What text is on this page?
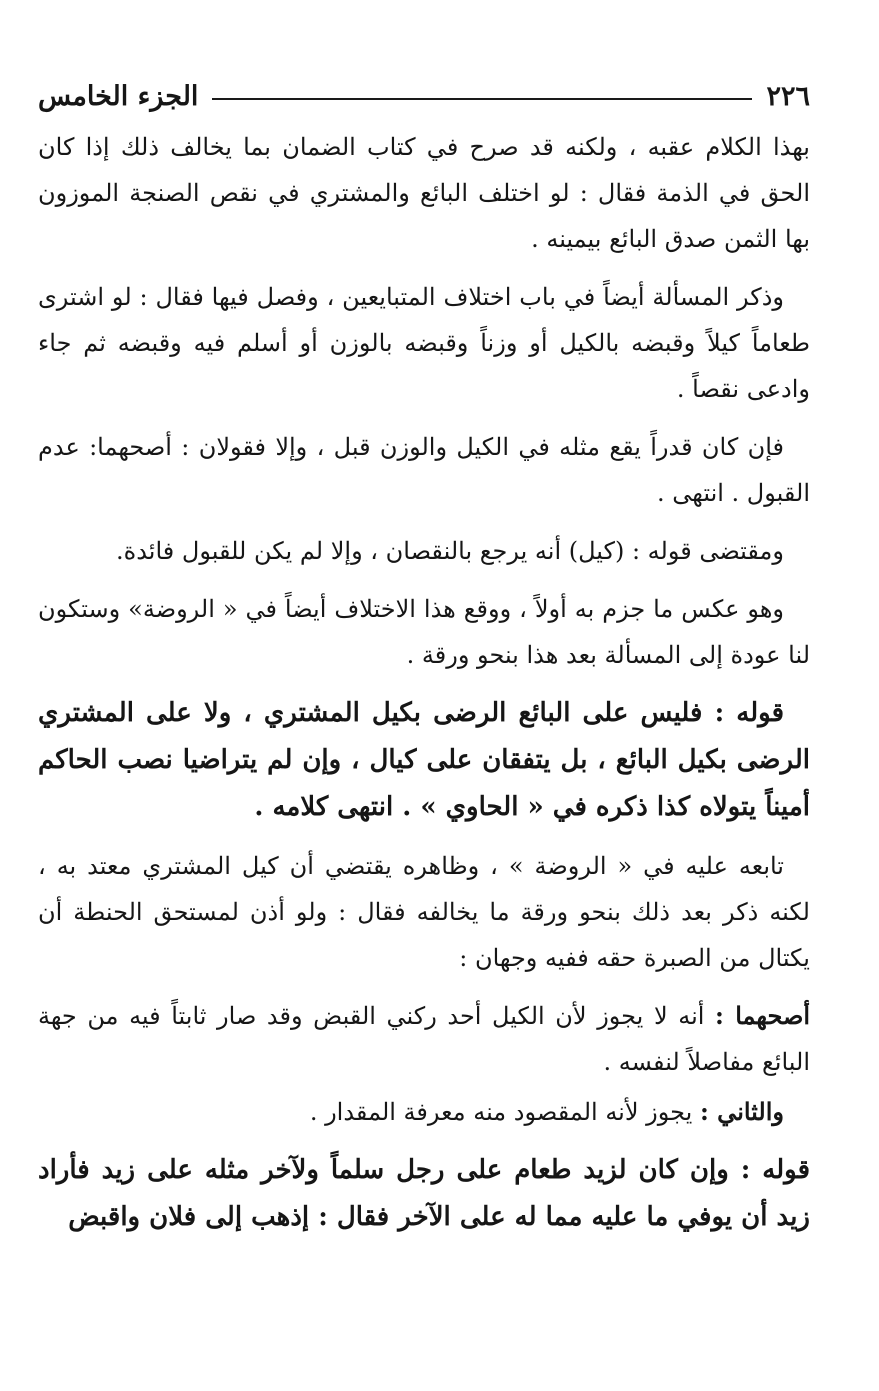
٢٢٦
الجزء الخامس

بهذا الكلام عقبه ، ولكنه قد صرح في كتاب الضمان بما يخالف ذلك إذا كان الحق في الذمة فقال : لو اختلف البائع والمشتري في نقص الصنجة الموزون بها الثمن صدق البائع بيمينه .

وذكر المسألة أيضاً في باب اختلاف المتبايعين ، وفصل فيها فقال : لو اشترى طعاماً كيلاً وقبضه بالكيل أو وزناً وقبضه بالوزن أو أسلم فيه وقبضه ثم جاء وادعى نقصاً .

فإن كان قدراً يقع مثله في الكيل والوزن قبل ، وإلا فقولان : أصحهما: عدم القبول . انتهى .

ومقتضى قوله : (كيل) أنه يرجع بالنقصان ، وإلا لم يكن للقبول فائدة.

وهو عكس ما جزم به أولاً ، ووقع هذا الاختلاف أيضاً في « الروضة» وستكون لنا عودة إلى المسألة بعد هذا بنحو ورقة .

قوله : فليس على البائع الرضى بكيل المشتري ، ولا على المشتري الرضى بكيل البائع ، بل يتفقان على كيال ، وإن لم يتراضيا نصب الحاكم أميناً يتولاه كذا ذكره في « الحاوي » . انتهى كلامه .

تابعه عليه في « الروضة » ، وظاهره يقتضي أن كيل المشتري معتد به ، لكنه ذكر بعد ذلك بنحو ورقة ما يخالفه فقال : ولو أذن لمستحق الحنطة أن يكتال من الصبرة حقه ففيه وجهان :

أصحهما : أنه لا يجوز لأن الكيل أحد ركني القبض وقد صار ثابتاً فيه من جهة البائع مفاصلاً لنفسه .

والثاني : يجوز لأنه المقصود منه معرفة المقدار .

قوله : وإن كان لزيد طعام على رجل سلماً ولآخر مثله على زيد فأراد زيد أن يوفي ما عليه مما له على الآخر فقال : إذهب إلى فلان واقبض
